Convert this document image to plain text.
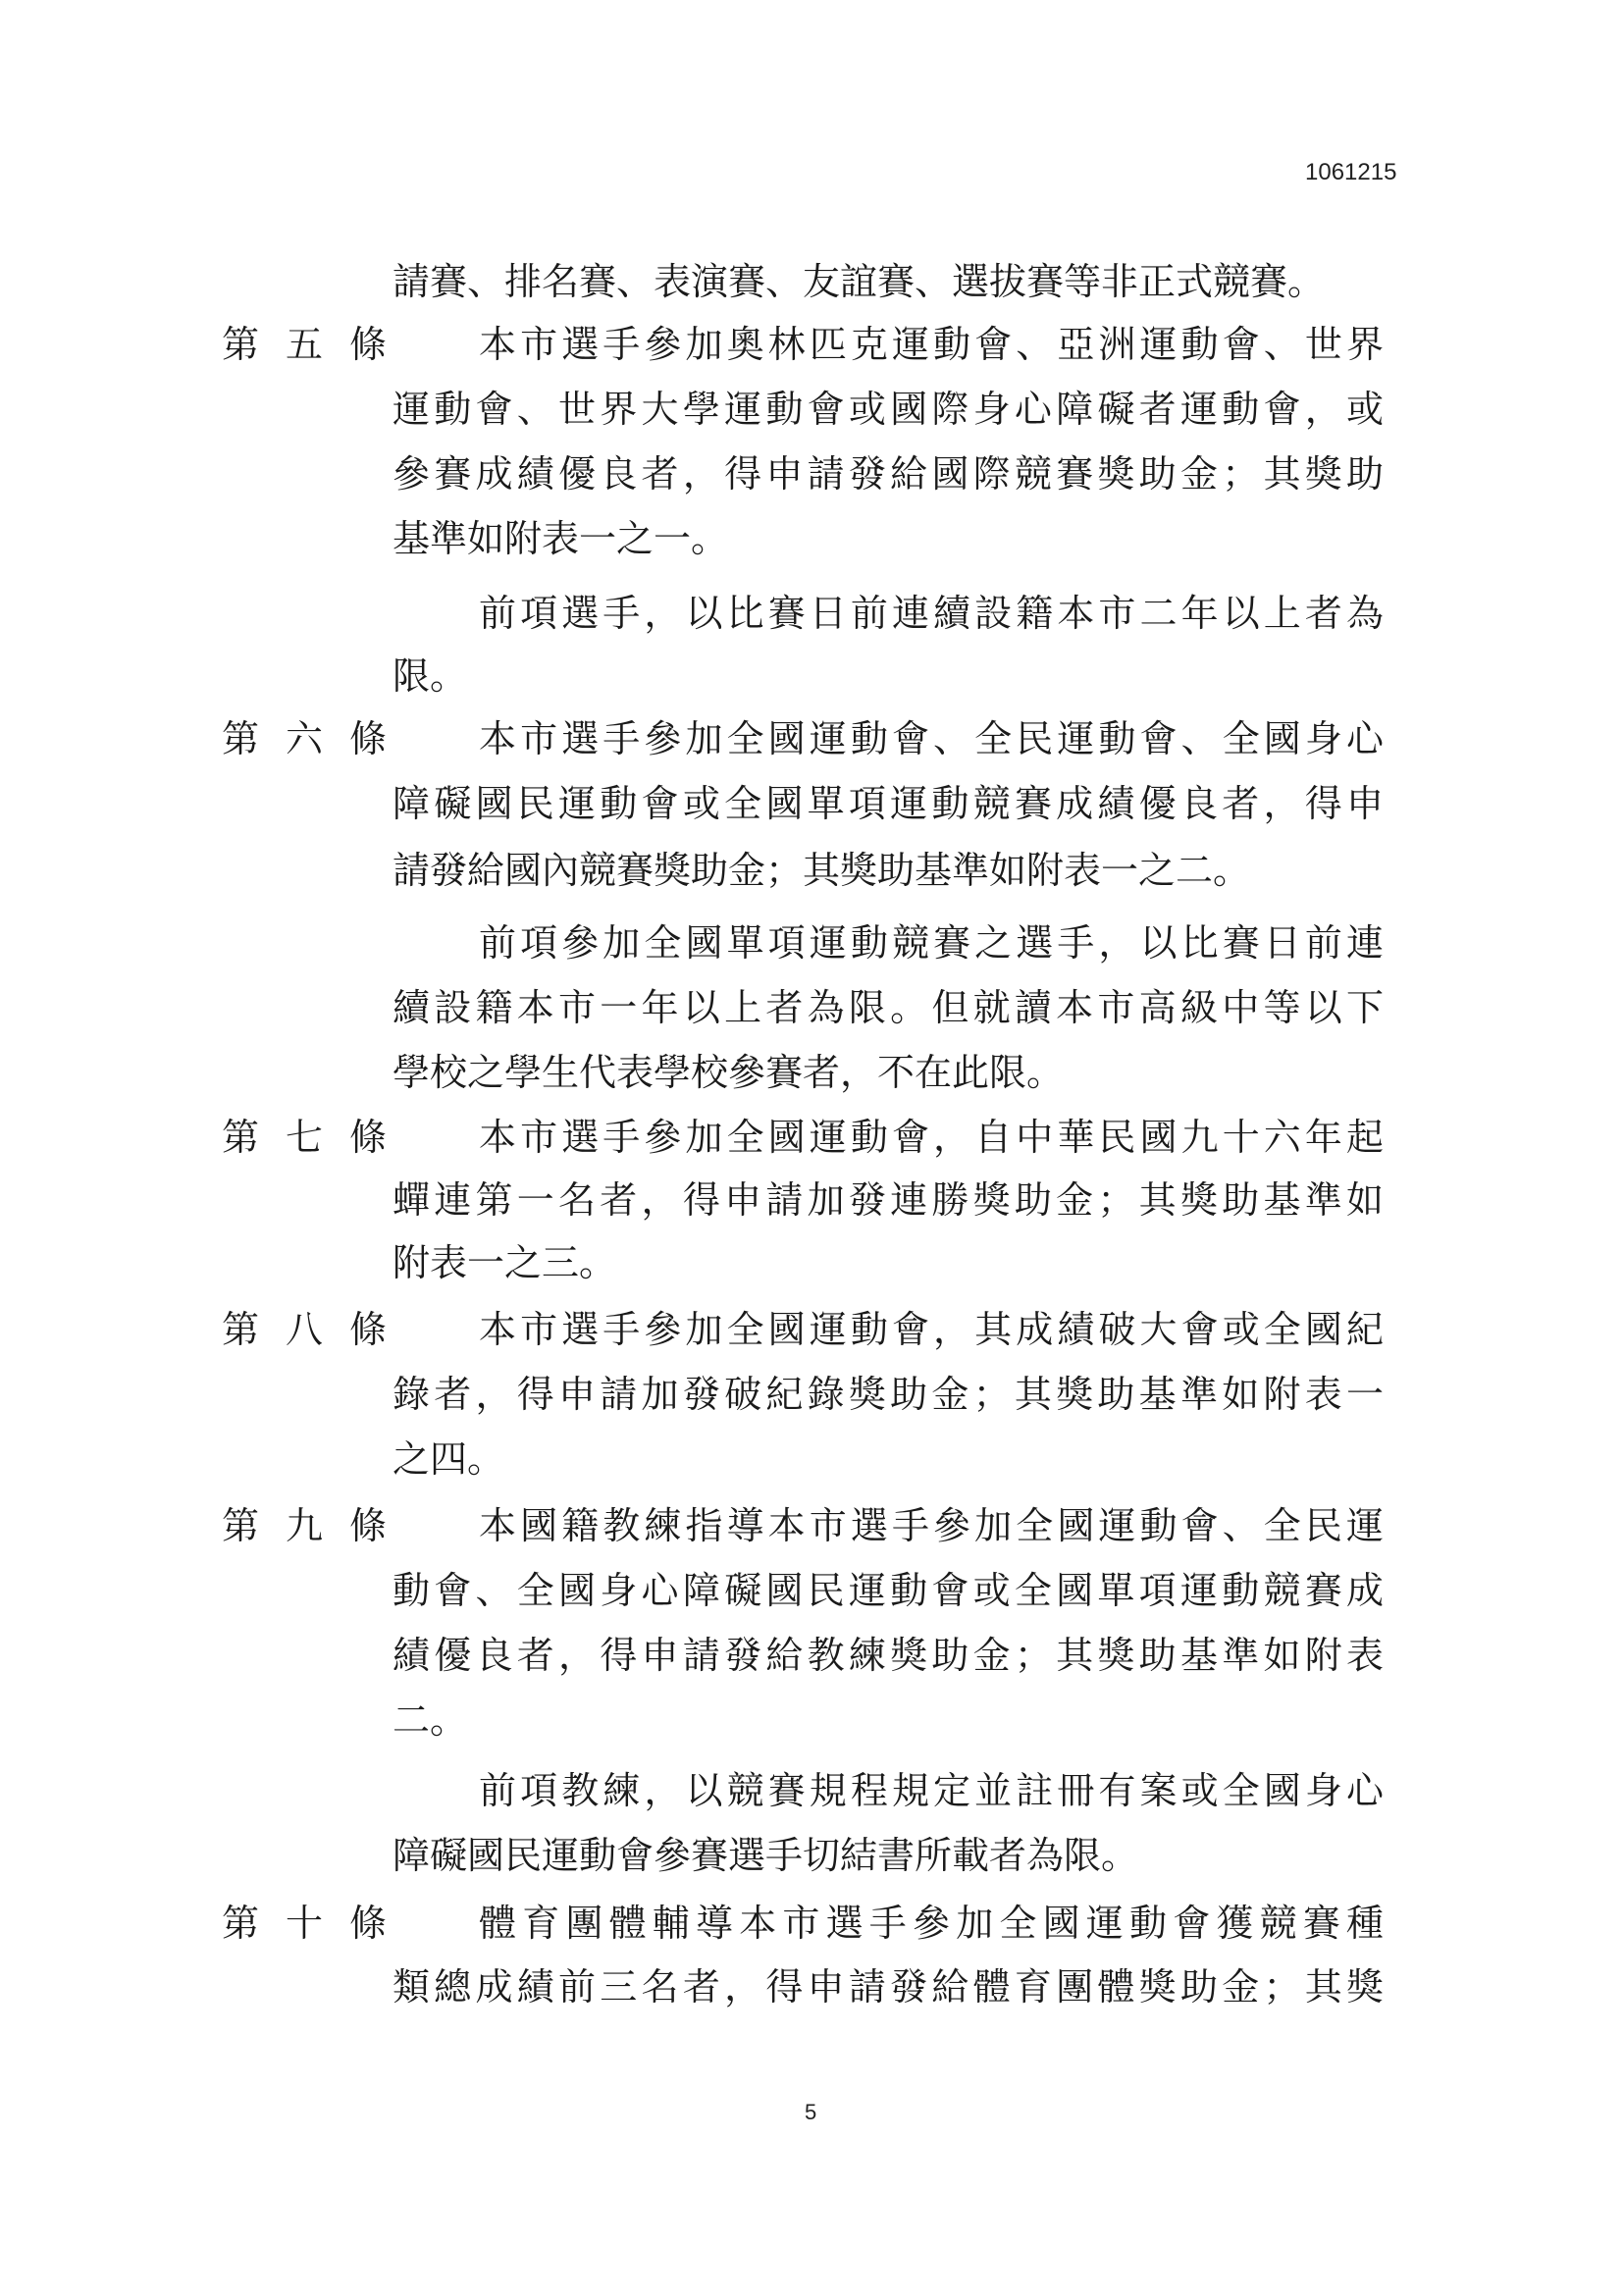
1061215
第 五 條
第 六 條
第 七 條
第 八 條
第 九 條
第 十 條
請賽、排名賽、表演賽、友誼賽、選拔賽等非正式競賽。
本市選手參加奧林匹克運動會、亞洲運動會、世界
運動會、世界大學運動會或國際身心障礙者運動會，或
參賽成績優良者，得申請發給國際競賽獎助金；其獎助
基準如附表一之一。
前項選手，以比賽日前連續設籍本市二年以上者為
限。
本市選手參加全國運動會、全民運動會、全國身心
障礙國民運動會或全國單項運動競賽成績優良者，得申
請發給國內競賽獎助金；其獎助基準如附表一之二。
前項參加全國單項運動競賽之選手，以比賽日前連
續設籍本市一年以上者為限。但就讀本市高級中等以下
學校之學生代表學校參賽者，不在此限。
本市選手參加全國運動會，自中華民國九十六年起
蟬連第一名者，得申請加發連勝獎助金；其獎助基準如
附表一之三。
本市選手參加全國運動會，其成績破大會或全國紀
錄者，得申請加發破紀錄獎助金；其獎助基準如附表一
之四。
本國籍教練指導本市選手參加全國運動會、全民運
動會、全國身心障礙國民運動會或全國單項運動競賽成
績優良者，得申請發給教練獎助金；其獎助基準如附表
二。
前項教練，以競賽規程規定並註冊有案或全國身心
障礙國民運動會參賽選手切結書所載者為限。
體育團體輔導本市選手參加全國運動會獲競賽種
類總成績前三名者，得申請發給體育團體獎助金；其獎
5
